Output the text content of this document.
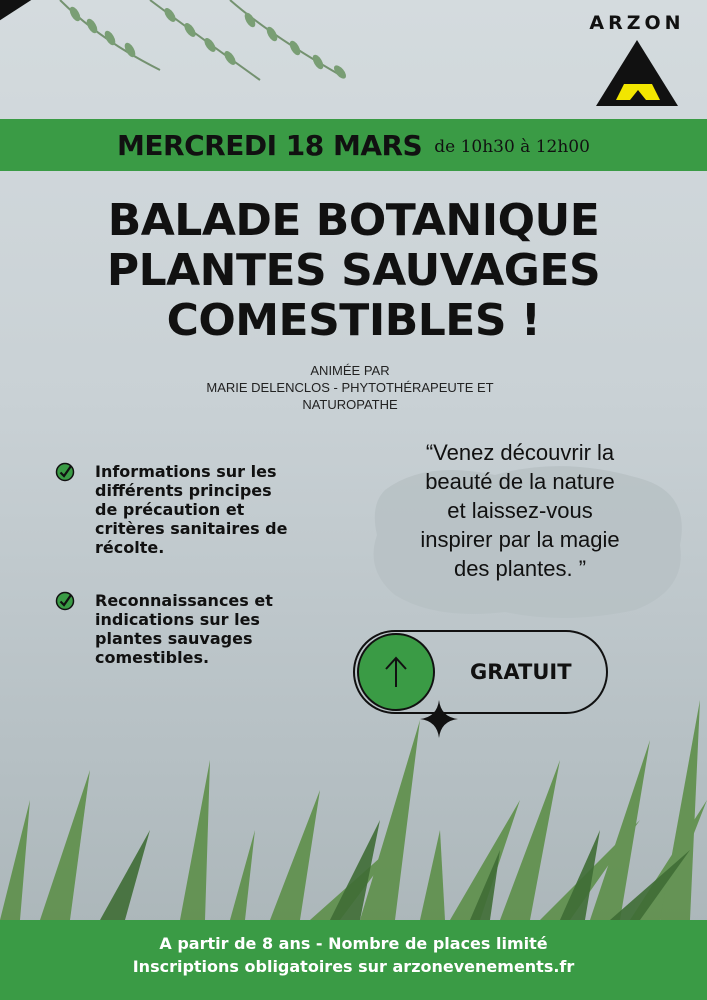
ARZON
MERCREDI 18 MARS de 10h30 à 12h00
BALADE BOTANIQUE
PLANTES SAUVAGES
COMESTIBLES !
ANIMÉE PAR
MARIE DELENCLOS - PHYTOTHÉRAPEUTE ET
NATUROPATHE
Informations sur les
différents principes
de précaution et
critères sanitaires de
récolte.
Reconnaissances et
indications sur les
plantes sauvages
comestibles.
“Venez découvrir la
beauté de la nature
et laissez-vous
inspirer par la magie
des plantes. ”
GRATUIT
A partir de 8 ans - Nombre de places limité
Inscriptions obligatoires sur arzonevenements.fr
